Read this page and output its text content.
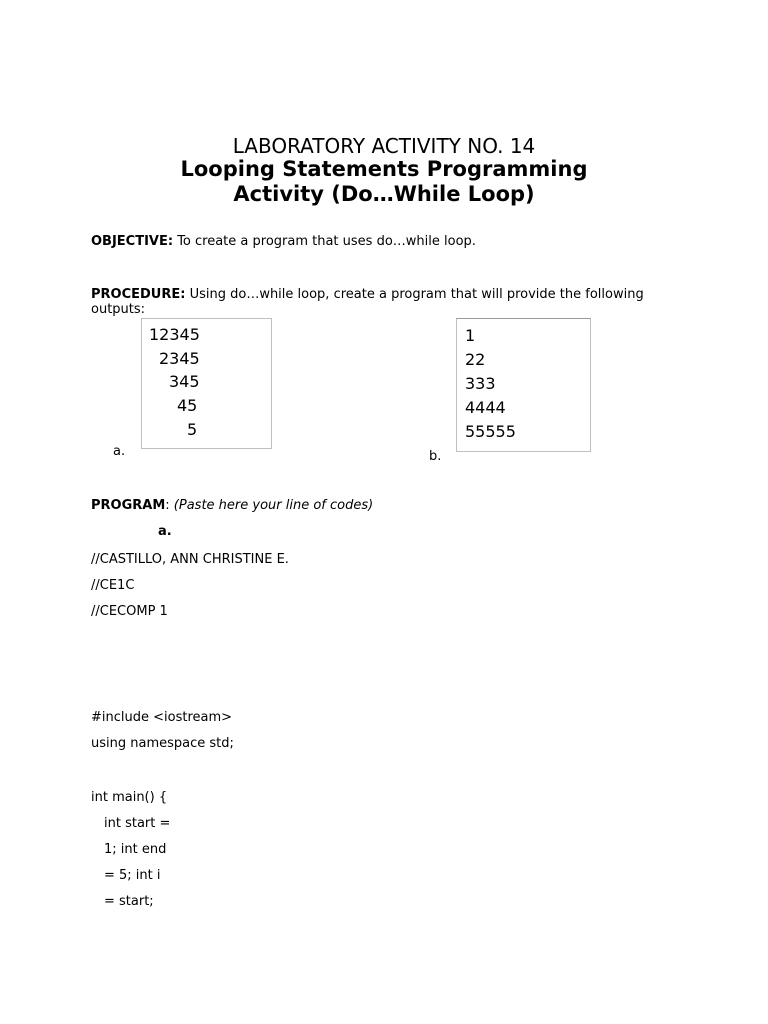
LABORATORY ACTIVITY NO. 14
Looping Statements Programming
Activity (Do…While Loop)
OBJECTIVE: To create a program that uses do…while loop.
PROCEDURE: Using do…while loop, create a program that will provide the following outputs:
12345
2345
345
45
5
a.
1
22
333
4444
55555
b.
PROGRAM: (Paste here your line of codes)
a.
//CASTILLO, ANN CHRISTINE E.
//CE1C
//CECOMP 1
#include <iostream>
using namespace std;
int main() {
int start =
1; int end
= 5; int i
= start;
